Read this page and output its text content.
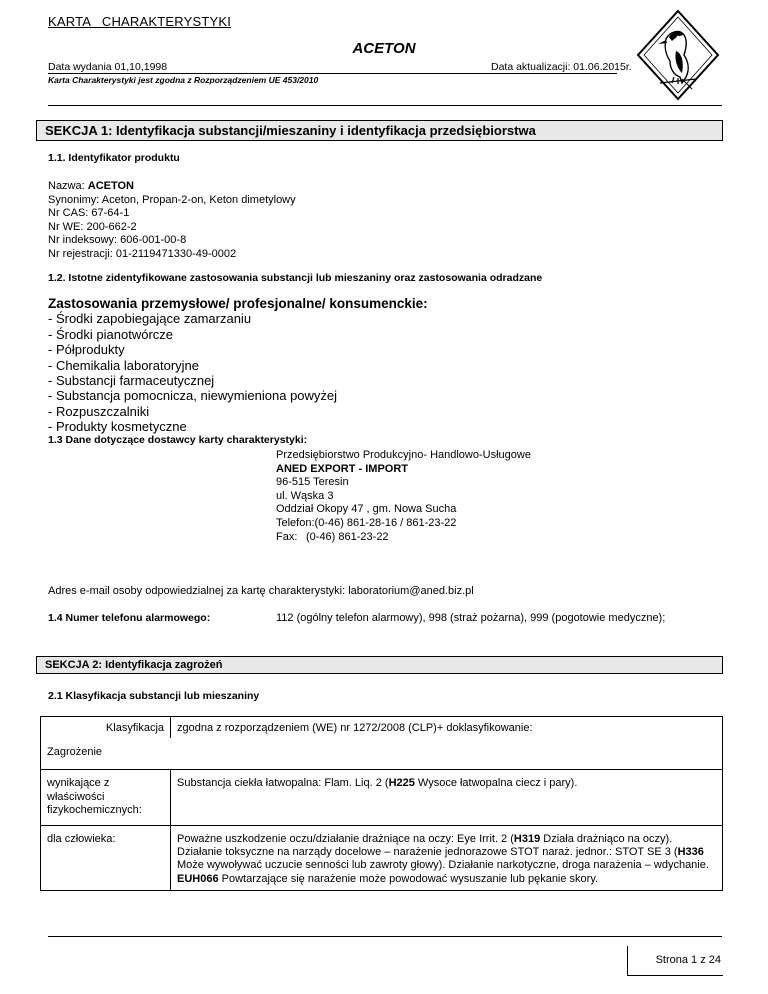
KARTA   CHARAKTERYSTYKI
ACETON
Data wydania 01,10,1998	Data aktualizacji: 01.06.2015r.
Karta Charakterystyki jest zgodna z Rozporządzeniem UE 453/2010
SEKCJA 1: Identyfikacja substancji/mieszaniny i identyfikacja przedsiębiorstwa
1.1. Identyfikator produktu
Nazwa: ACETON
Synonimy: Aceton, Propan-2-on, Keton dimetylowy
Nr CAS: 67-64-1
Nr WE: 200-662-2
Nr indeksowy: 606-001-00-8
Nr rejestracji: 01-2119471330-49-0002
1.2. Istotne zidentyfikowane zastosowania substancji lub mieszaniny oraz zastosowania odradzane
Zastosowania przemysłowe/ profesjonalne/ konsumenckie:
- Środki zapobiegające zamarzaniu
- Środki pianotwórcze
- Półprodukty
- Chemikalia laboratoryjne
- Substancji farmaceutycznej
- Substancja pomocnicza, niewymieniona powyżej
- Rozpuszczalniki
- Produkty kosmetyczne
1.3 Dane dotyczące dostawcy karty charakterystyki:
Przedsiębiorstwo Produkcyjno- Handlowo-Usługowe
ANED EXPORT - IMPORT
96-515 Teresin
ul. Wąska 3
Oddział Okopy 47 , gm. Nowa Sucha
Telefon:(0-46) 861-28-16 / 861-23-22
Fax: (0-46) 861-23-22
Adres e-mail osoby odpowiedzialnej za kartę charakterystyki: laboratorium@aned.biz.pl
1.4 Numer telefonu alarmowego:	112 (ogólny telefon alarmowy), 998 (straż pożarna), 999 (pogotowie medyczne);
SEKCJA 2: Identyfikacja zagrożeń
2.1 Klasyfikacja substancji lub mieszaniny
Klasyfikacja	zgodna z rozporządzeniem (WE) nr 1272/2008 (CLP)+ doklasyfikowanie:
Zagrożenie	
wynikające z właściwości fizykochemicznych:	Substancja ciekła łatwopalna: Flam. Liq. 2 (H225 Wysoce łatwopalna ciecz i pary).
dla człowieka:	Poważne uszkodzenie oczu/działanie drażniące na oczy: Eye Irrit. 2 (H319 Działa drażniąco na oczy).
Działanie toksyczne na narządy docelowe – narażenie jednorazowe STOT naraż. jednor.: STOT SE 3 (H336 Może wywoływać uczucie senności lub zawroty głowy). Działanie narkotyczne, droga narażenia – wdychanie.
EUH066 Powtarzające się narażenie może powodować wysuszanie lub pękanie skory.
Strona 1 z 24
